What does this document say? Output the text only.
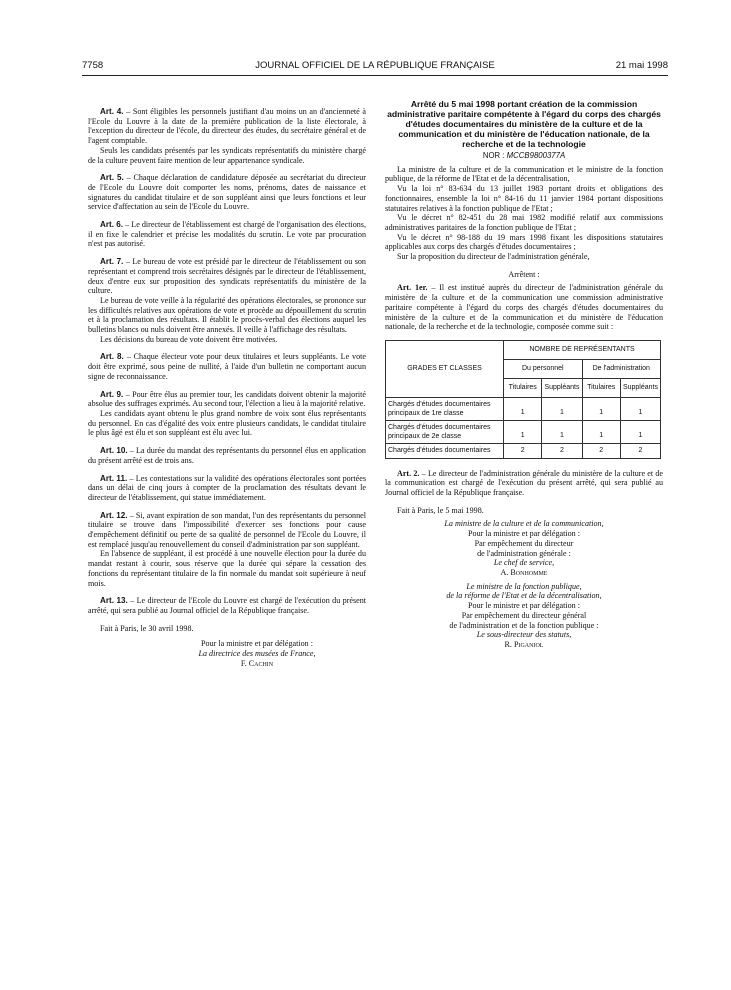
7758	JOURNAL OFFICIEL DE LA RÉPUBLIQUE FRANÇAISE	21 mai 1998

Art. 4. – Sont éligibles les personnels justifiant d'au moins un an d'ancienneté à l'Ecole du Louvre à la date de la première publication de la liste électorale, à l'exception du directeur de l'école, du directeur des études, du secrétaire général et de l'agent comptable.

Seuls les candidats présentés par les syndicats représentatifs du ministère chargé de la culture peuvent faire mention de leur appartenance syndicale.

Art. 5. – Chaque déclaration de candidature déposée au secrétariat du directeur de l'Ecole du Louvre doit comporter les noms, prénoms, dates de naissance et signatures du candidat titulaire et de son suppléant ainsi que leurs fonctions et leur service d'affectation au sein de l'Ecole du Louvre.

Art. 6. – Le directeur de l'établissement est chargé de l'organisation des élections, il en fixe le calendrier et précise les modalités du scrutin. Le vote par procuration n'est pas autorisé.

Art. 7. – Le bureau de vote est présidé par le directeur de l'établissement ou son représentant et comprend trois secrétaires désignés par le directeur de l'établissement, deux d'entre eux sur proposition des syndicats représentatifs du ministère de la culture.

Le bureau de vote veille à la régularité des opérations électorales, se prononce sur les difficultés relatives aux opérations de vote et procède au dépouillement du scrutin et à la proclamation des résultats. Il établit le procès-verbal des élections auquel les bulletins blancs ou nuls doivent être annexés. Il veille à l'affichage des résultats.

Les décisions du bureau de vote doivent être motivées.

Art. 8. – Chaque électeur vote pour deux titulaires et leurs suppléants. Le vote doit être exprimé, sous peine de nullité, à l'aide d'un bulletin ne comportant aucun signe de reconnaissance.

Art. 9. – Pour être élus au premier tour, les candidats doivent obtenir la majorité absolue des suffrages exprimés. Au second tour, l'élection a lieu à la majorité relative.

Les candidats ayant obtenu le plus grand nombre de voix sont élus représentants du personnel. En cas d'égalité des voix entre plusieurs candidats, le candidat titulaire le plus âgé est élu et son suppléant est élu avec lui.

Art. 10. – La durée du mandat des représentants du personnel élus en application du présent arrêté est de trois ans.

Art. 11. – Les contestations sur la validité des opérations électorales sont portées dans un délai de cinq jours à compter de la proclamation des résultats devant le directeur de l'établissement, qui statue immédiatement.

Art. 12. – Si, avant expiration de son mandat, l'un des représentants du personnel titulaire se trouve dans l'impossibilité d'exercer ses fonctions pour cause d'empêchement définitif ou perte de sa qualité de personnel de l'Ecole du Louvre, il est remplacé jusqu'au renouvellement du conseil d'administration par son suppléant.

En l'absence de suppléant, il est procédé à une nouvelle élection pour la durée du mandat restant à courir, sous réserve que la durée qui sépare la cessation des fonctions du représentant titulaire de la fin normale du mandat soit supérieure à neuf mois.

Art. 13. – Le directeur de l'Ecole du Louvre est chargé de l'exécution du présent arrêté, qui sera publié au Journal officiel de la République française.

Fait à Paris, le 30 avril 1998.

Pour la ministre et par délégation :

La directrice des musées de France,

F. Cachin

Arrêté du 5 mai 1998 portant création de la commission administrative paritaire compétente à l'égard du corps des chargés d'études documentaires du ministère de la culture et de la communication et du ministère de l'éducation nationale, de la recherche et de la technologie

NOR : MCCB9800377A

La ministre de la culture et de la communication et le ministre de la fonction publique, de la réforme de l'Etat et de la décentralisation,

Vu la loi n° 83-634 du 13 juillet 1983 portant droits et obligations des fonctionnaires, ensemble la loi n° 84-16 du 11 janvier 1984 portant dispositions statutaires relatives à la fonction publique de l'Etat ;

Vu le décret n° 82-451 du 28 mai 1982 modifié relatif aux commissions administratives paritaires de la fonction publique de l'Etat ;

Vu le décret n° 98-188 du 19 mars 1998 fixant les dispositions statutaires applicables aux corps des chargés d'études documentaires ;

Sur la proposition du directeur de l'administration générale,

Arrêtent :

Art. 1er. – Il est institué auprès du directeur de l'administration générale du ministère de la culture et de la communication une commission administrative paritaire compétente à l'égard du corps des chargés d'études documentaires du ministère de la culture et de la communication et du ministère de l'éducation nationale, de la recherche et de la technologie, composée comme suit :

GRADES ET CLASSES	NOMBRE DE REPRÉSENTANTS			
	Du personnel		De l'administration	
	Titulaires	Suppléants	Titulaires	Suppléants
Chargés d'études documentaires principaux de 1re classe	1	1	1	1
Chargés d'études documentaires principaux de 2e classe	1	1	1	1
Chargés d'études documentaires	2	2	2	2

Art. 2. – Le directeur de l'administration générale du ministère de la culture et de la communication est chargé de l'exécution du présent arrêté, qui sera publié au Journal officiel de la République française.

Fait à Paris, le 5 mai 1998.

La ministre de la culture et de la communication,

Pour la ministre et par délégation :

Par empêchement du directeur

de l'administration générale :

Le chef de service,

A. Bonhomme

Le ministre de la fonction publique,

de la réforme de l'Etat et de la décentralisation,

Pour le ministre et par délégation :

Par empêchement du directeur général

de l'administration et de la fonction publique :

Le sous-directeur des statuts,

R. Piganiol
